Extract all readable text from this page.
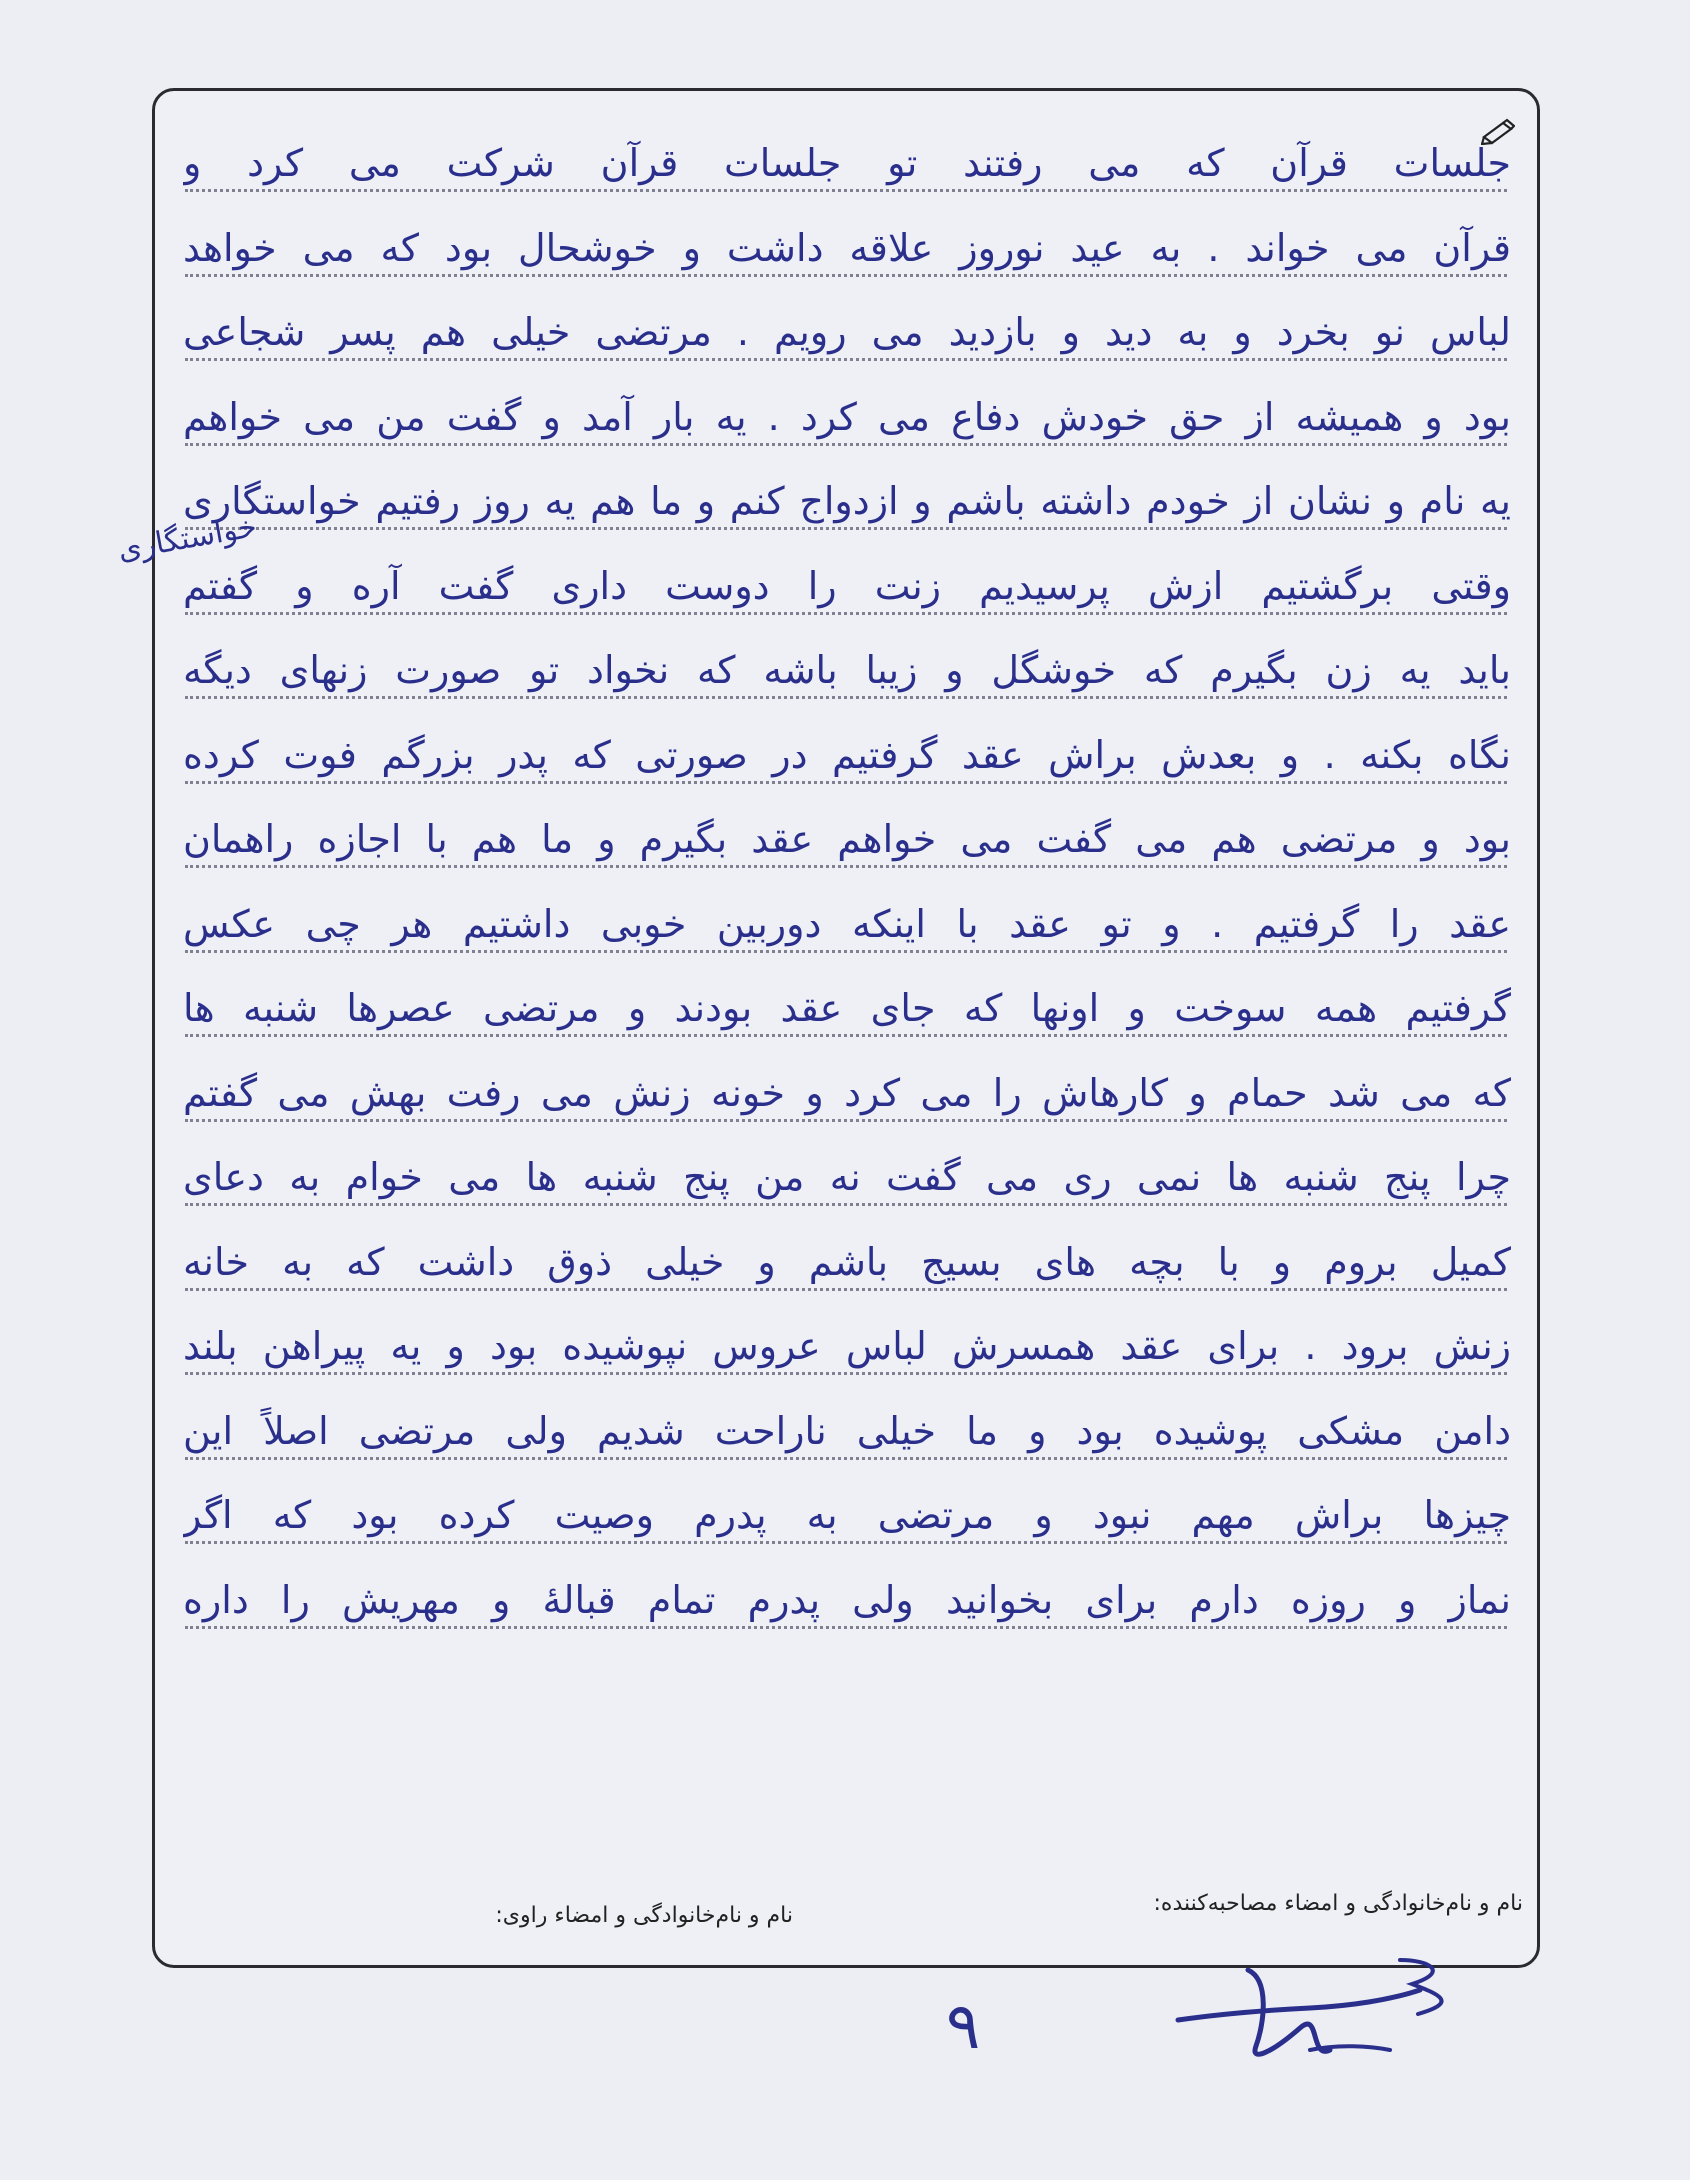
جلسات قرآن که می رفتند تو جلسات قرآن شرکت می کرد و
قرآن می خواند . به عید نوروز علاقه داشت و خوشحال بود که می خواهد
لباس نو بخرد و به دید و بازدید می رویم . مرتضی خیلی هم پسر شجاعی
بود و همیشه از حق خودش دفاع می کرد . یه بار آمد و گفت من می خواهم
یه نام و نشان از خودم داشته باشم و ازدواج کنم و ما هم یه روز رفتیم خواستگاری
وقتی برگشتیم ازش پرسیدیم زنت را دوست داری گفت آره و گفتم
باید یه زن بگیرم که خوشگل و زیبا باشه که نخواد تو صورت زنهای دیگه
نگاه بکنه . و بعدش براش عقد گرفتیم در صورتی که پدر بزرگم فوت کرده
بود و مرتضی هم می گفت می خواهم عقد بگیرم و ما هم با اجازه راهمان
عقد را گرفتیم . و تو عقد با اینکه دوربین خوبی داشتیم هر چی عکس
گرفتیم همه سوخت و اونها که جای عقد بودند و مرتضی عصرها شنبه ها
که می شد حمام و کارهاش را می کرد و خونه زنش می رفت بهش می گفتم
چرا پنج شنبه ها نمی ری می گفت نه من پنج شنبه ها می خوام به دعای
کمیل بروم و با بچه های بسیج باشم و خیلی ذوق داشت که به خانه
زنش برود . برای عقد همسرش لباس عروس نپوشیده بود و یه پیراهن بلند
دامن مشکی پوشیده بود و ما خیلی ناراحت شدیم ولی مرتضی اصلاً این
چیزها براش مهم نبود و مرتضی به پدرم وصیت کرده بود که اگر
نماز و روزه دارم برای بخوانید ولی پدرم تمام قبالهٔ و مهریش را داره
نام و نام‌خانوادگی و امضاء مصاحبه‌کننده:
نام و نام‌خانوادگی و امضاء راوی:
خواستگاری
۹
